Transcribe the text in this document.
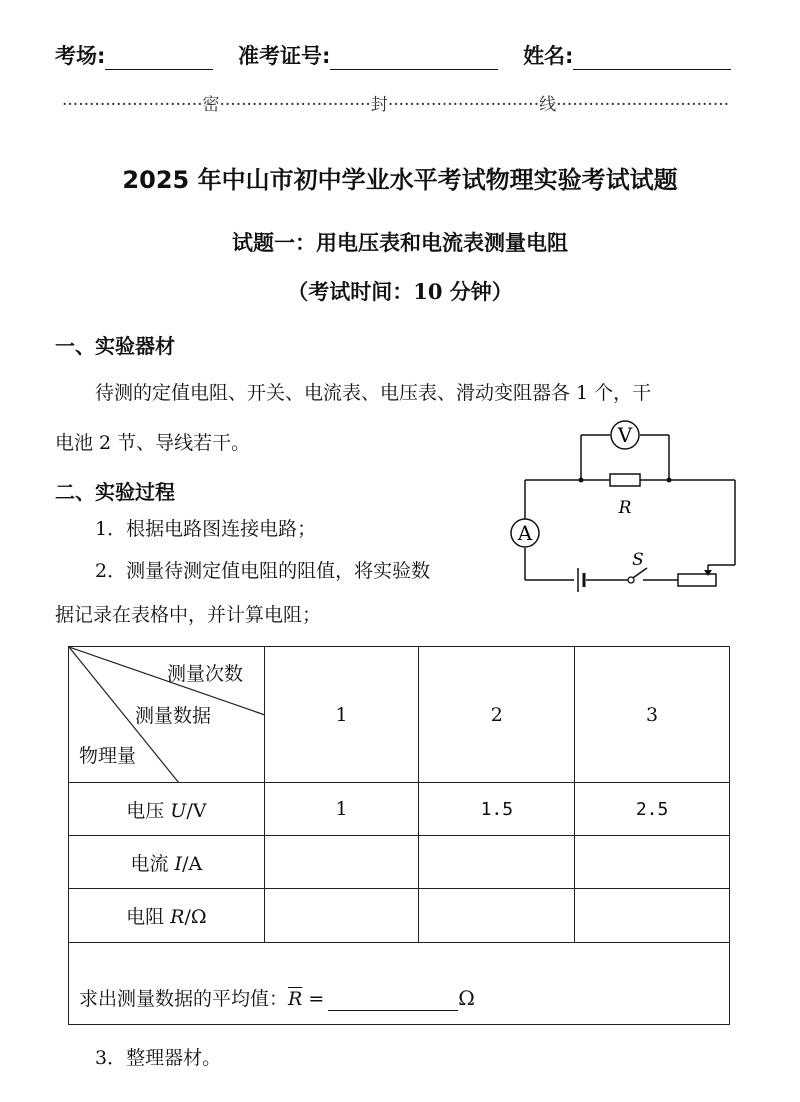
考场:	准考证号:	姓名:
··························密····························封····························线································
2025 年中山市初中学业水平考试物理实验考试试题
试题一：用电压表和电流表测量电阻
（考试时间：10 分钟）
一、实验器材
待测的定值电阻、开关、电流表、电压表、滑动变阻器各 1 个，干
电池 2 节、导线若干。
二、实验过程
1．根据电路图连接电路；
2．测量待测定值电阻的阻值，将实验数
据记录在表格中，并计算电阻；
V
A
R
S
测量次数
测量数据
物理量	1	2	3
电压 U/V	1	1.5	2.5
电流 I/A			
电阻 R/Ω			
求出测量数据的平均值：$\overline{R} = \Omega$			
3．整理器材。
